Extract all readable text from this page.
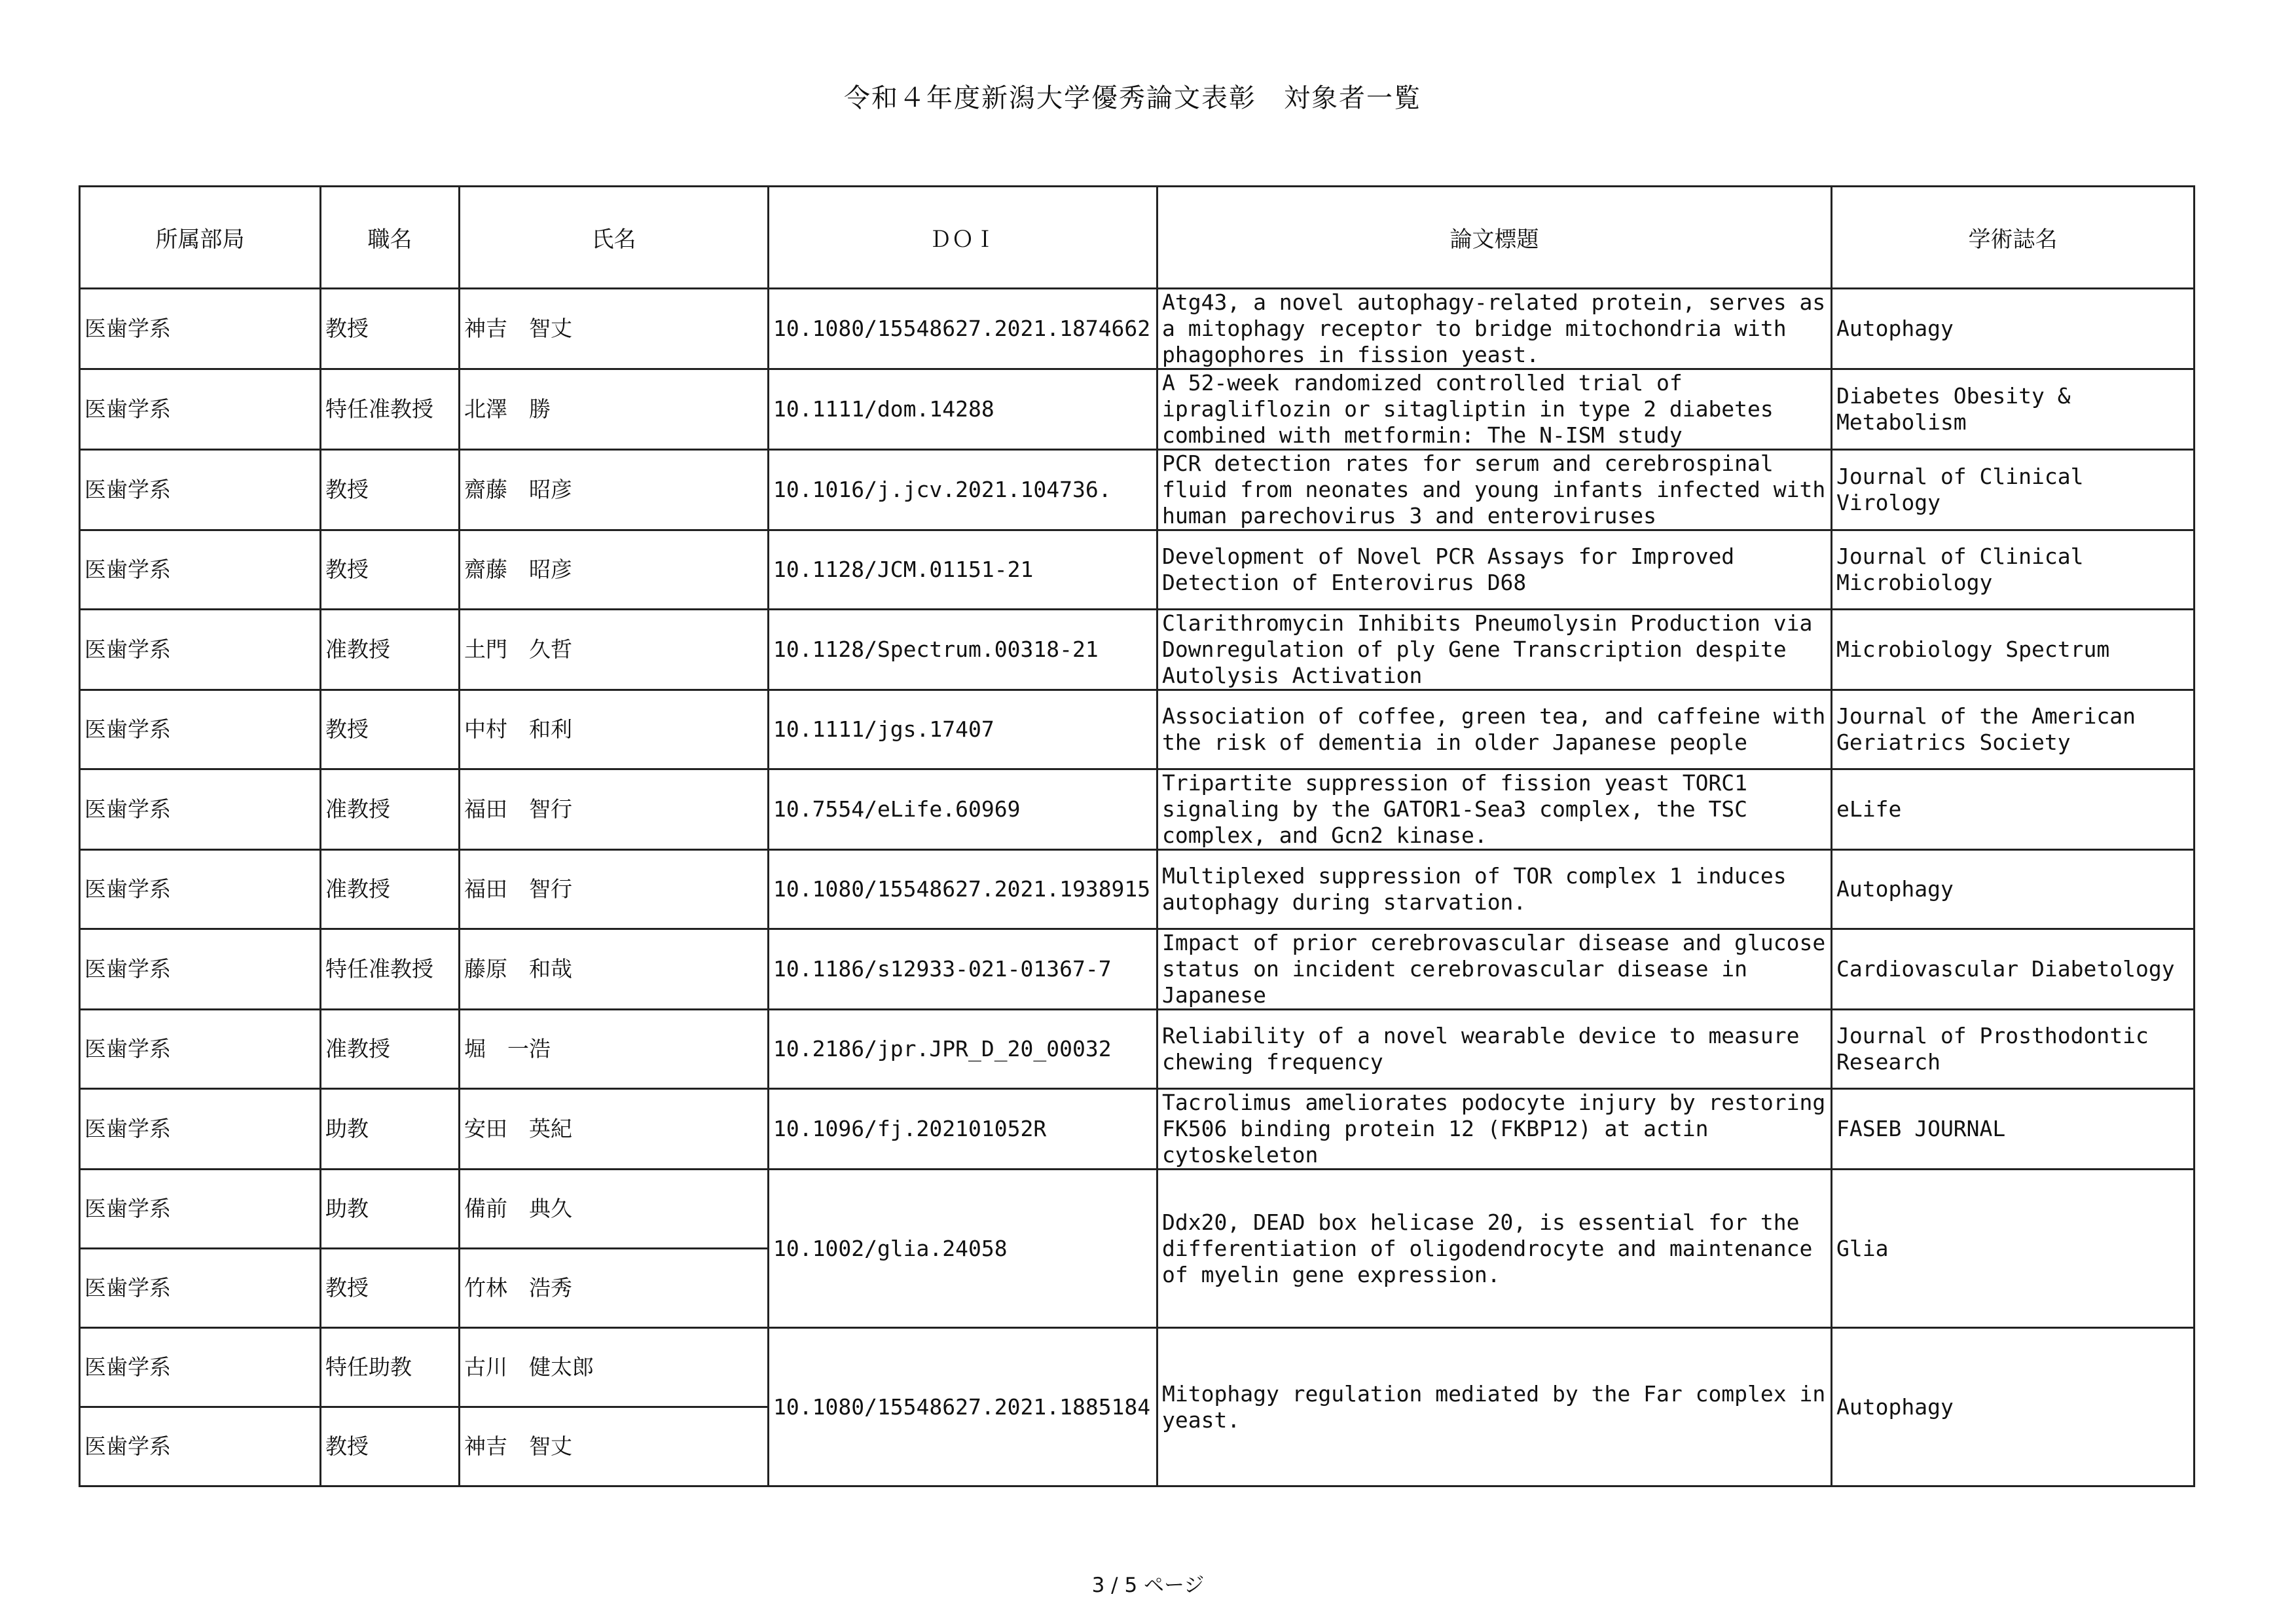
令和４年度新潟大学優秀論文表彰　対象者一覧
所属部局	職名	氏名	ＤＯＩ	論文標題	学術誌名
医歯学系	教授	神吉　智丈	10.1080/15548627.2021.1874662	Atg43, a novel autophagy-related protein, serves as a mitophagy receptor to bridge mitochondria with phagophores in fission yeast.	Autophagy
医歯学系	特任准教授	北澤　勝	10.1111/dom.14288	A 52-week randomized controlled trial of ipragliflozin or sitagliptin in type 2 diabetes combined with metformin: The N-ISM study	Diabetes Obesity & Metabolism
医歯学系	教授	齋藤　昭彦	10.1016/j.jcv.2021.104736.	PCR detection rates for serum and cerebrospinal fluid from neonates and young infants infected with human parechovirus 3 and enteroviruses	Journal of Clinical Virology
医歯学系	教授	齋藤　昭彦	10.1128/JCM.01151-21	Development of Novel PCR Assays for Improved Detection of Enterovirus D68	Journal of Clinical Microbiology
医歯学系	准教授	土門　久哲	10.1128/Spectrum.00318-21	Clarithromycin Inhibits Pneumolysin Production via Downregulation of ply Gene Transcription despite Autolysis Activation	Microbiology Spectrum
医歯学系	教授	中村　和利	10.1111/jgs.17407	Association of coffee, green tea, and caffeine with the risk of dementia in older Japanese people	Journal of the American Geriatrics Society
医歯学系	准教授	福田　智行	10.7554/eLife.60969	Tripartite suppression of fission yeast TORC1 signaling by the GATOR1-Sea3 complex, the TSC complex, and Gcn2 kinase.	eLife
医歯学系	准教授	福田　智行	10.1080/15548627.2021.1938915	Multiplexed suppression of TOR complex 1 induces autophagy during starvation.	Autophagy
医歯学系	特任准教授	藤原　和哉	10.1186/s12933-021-01367-7	Impact of prior cerebrovascular disease and glucose status on incident cerebrovascular disease in Japanese	Cardiovascular Diabetology
医歯学系	准教授	堀　一浩	10.2186/jpr.JPR_D_20_00032	Reliability of a novel wearable device to measure chewing frequency	Journal of Prosthodontic Research
医歯学系	助教	安田　英紀	10.1096/fj.202101052R	Tacrolimus ameliorates podocyte injury by restoring FK506 binding protein 12 (FKBP12) at actin cytoskeleton	FASEB JOURNAL
医歯学系	助教	備前　典久	10.1002/glia.24058	Ddx20, DEAD box helicase 20, is essential for the differentiation of oligodendrocyte and maintenance of myelin gene expression.	Glia
医歯学系	教授	竹林　浩秀			
医歯学系	特任助教	古川　健太郎	10.1080/15548627.2021.1885184	Mitophagy regulation mediated by the Far complex in yeast.	Autophagy
医歯学系	教授	神吉　智丈			
3 / 5 ページ
